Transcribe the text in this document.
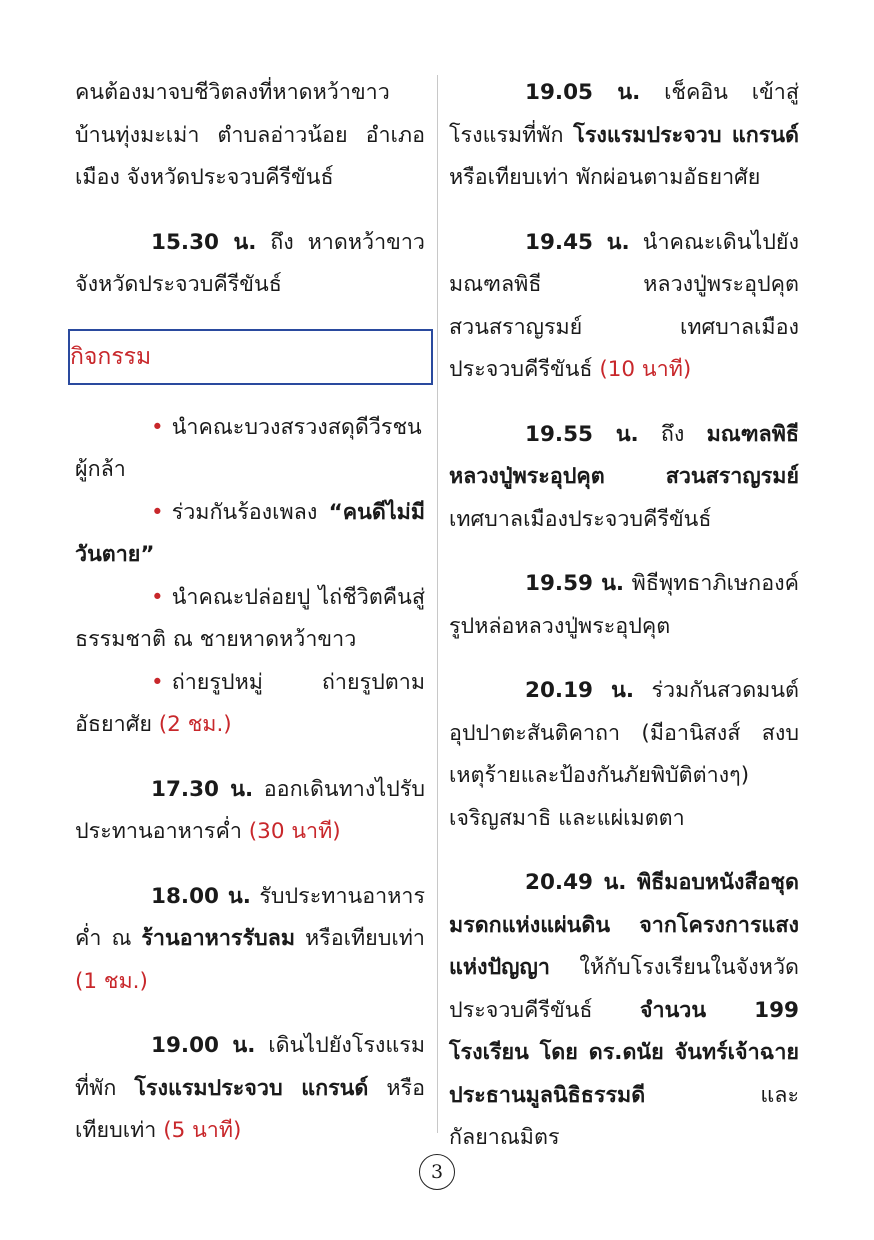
คนต้องมาจบชีวิตลงที่หาดหว้าขาว บ้านทุ่งมะเม่า ตำบลอ่าวน้อย อำเภอเมือง จังหวัดประจวบคีรีขันธ์

15.30 น. ถึง หาดหว้าขาว จังหวัดประจวบคีรีขันธ์

กิจกรรม

• นำคณะบวงสรวงสดุดีวีรชนผู้กล้า

• ร่วมกันร้องเพลง “คนดีไม่มีวันตาย”

• นำคณะปล่อยปู ไถ่ชีวิตคืนสู่ธรรมชาติ ณ ชายหาดหว้าขาว

• ถ่ายรูปหมู่ ถ่ายรูปตามอัธยาศัย (2 ชม.)

17.30 น. ออกเดินทางไปรับประทานอาหารค่ำ (30 นาที)

18.00 น. รับประทานอาหารค่ำ ณ ร้านอาหารรับลม หรือเทียบเท่า (1 ชม.)

19.00 น. เดินไปยังโรงแรมที่พัก โรงแรมประจวบ แกรนด์ หรือเทียบเท่า (5 นาที)

19.05 น. เช็คอิน เข้าสู่โรงแรมที่พัก โรงแรมประจวบ แกรนด์ หรือเทียบเท่า พักผ่อนตามอัธยาศัย

19.45 น. นำคณะเดินไปยังมณฑลพิธี หลวงปู่พระอุปคุต สวนสราญรมย์ เทศบาลเมืองประจวบคีรีขันธ์ (10 นาที)

19.55 น. ถึง มณฑลพิธี หลวงปู่พระอุปคุต สวนสราญรมย์ เทศบาลเมืองประจวบคีรีขันธ์

19.59 น. พิธีพุทธาภิเษกองค์รูปหล่อหลวงปู่พระอุปคุต

20.19 น. ร่วมกันสวดมนต์อุปปาตะสันติคาถา (มีอานิสงส์ สงบเหตุร้ายและป้องกันภัยพิบัติต่างๆ) เจริญสมาธิ และแผ่เมตตา

20.49 น. พิธีมอบหนังสือชุดมรดกแห่งแผ่นดิน จากโครงการแสงแห่งปัญญา ให้กับโรงเรียนในจังหวัดประจวบคีรีขันธ์ จำนวน 199 โรงเรียน โดย ดร.ดนัย จันทร์เจ้าฉาย ประธานมูลนิธิธรรมดี และกัลยาณมิตร

3
